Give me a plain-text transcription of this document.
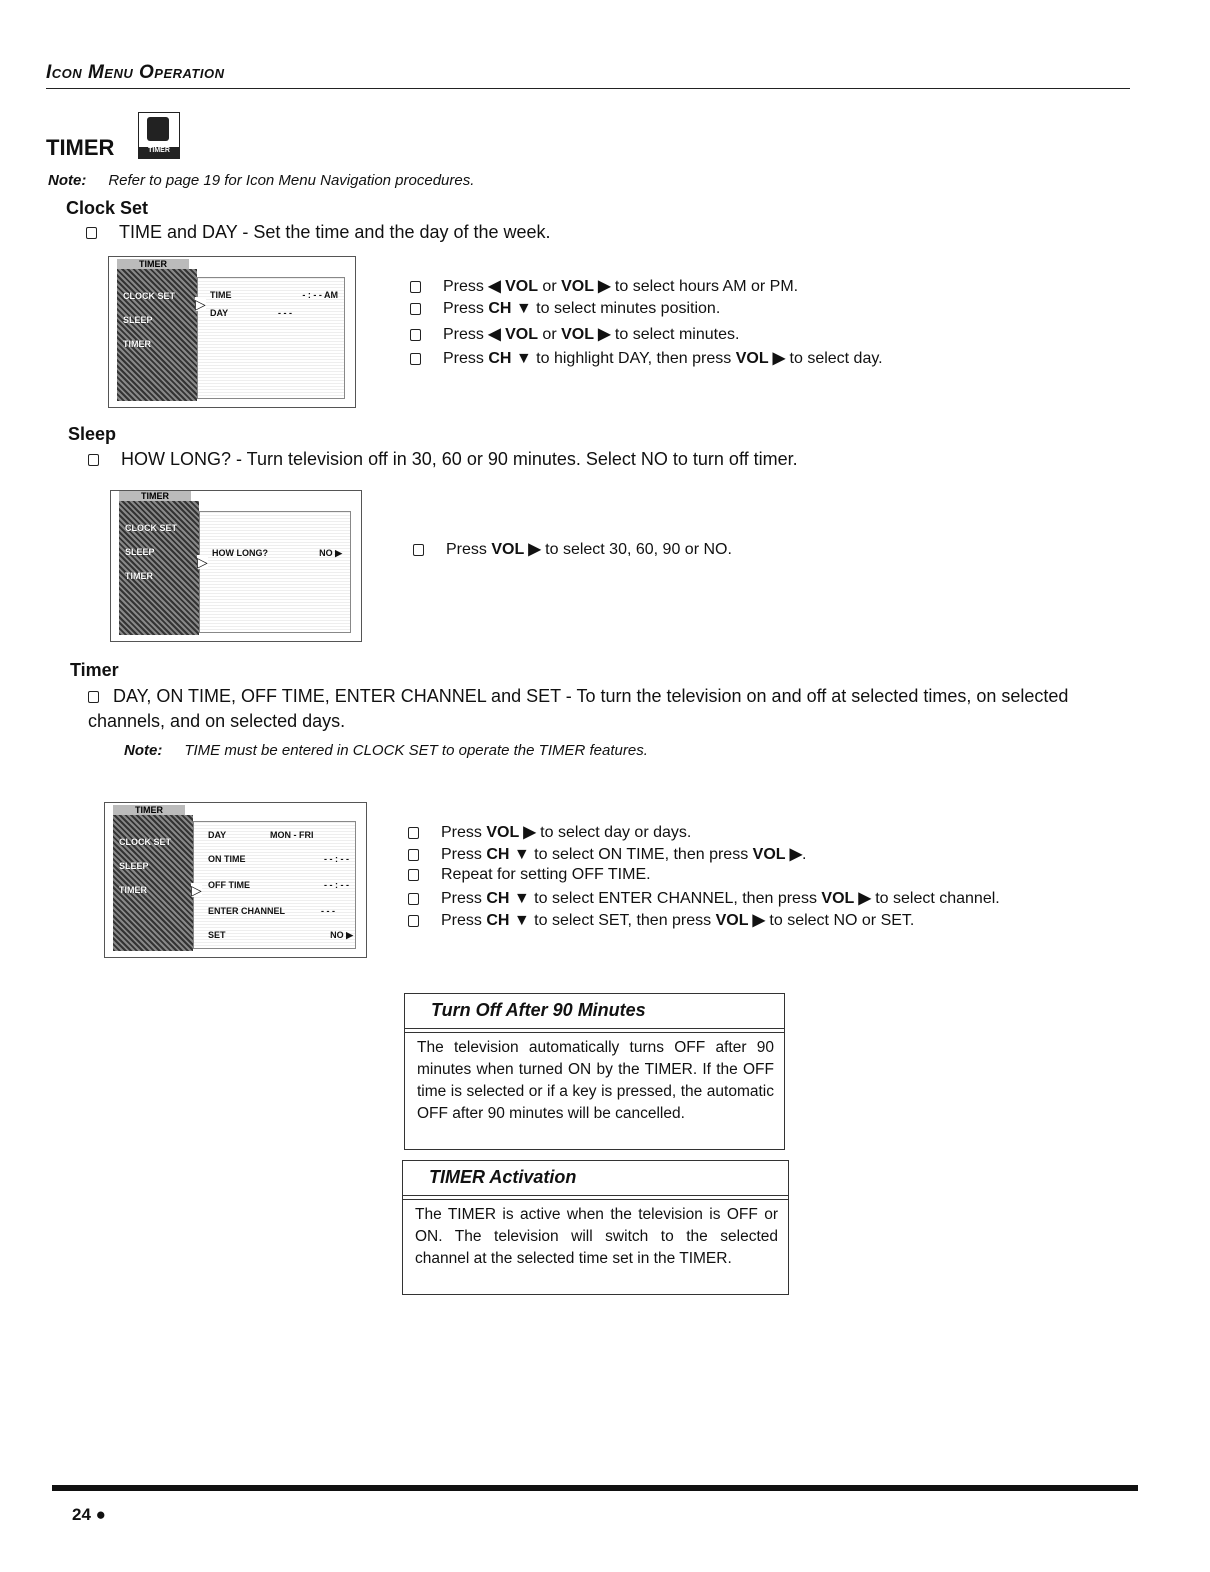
Icon Menu Operation
TIMER	TIMER
Note: Refer to page 19 for Icon Menu Navigation procedures.
Clock Set
TIME and DAY - Set the time and the day of the week.
TIMER
CLOCK SET
SLEEP
TIMER
TIME	- : - - AM
DAY	- - -
▷
Press ◀ VOL or VOL ▶ to select hours AM or PM.
Press CH ▼ to select minutes position.
Press ◀ VOL or VOL ▶ to select minutes.
Press CH ▼ to highlight DAY, then press VOL ▶ to select day.
Sleep
HOW LONG? - Turn television off in 30, 60 or 90 minutes. Select NO to turn off timer.
TIMER
CLOCK SET
SLEEP
TIMER
HOW LONG?	NO ▶
▷
Press VOL ▶ to select 30, 60, 90 or NO.
Timer
DAY, ON TIME, OFF TIME, ENTER CHANNEL and SET - To turn the television on and off at selected times, on selected channels, and on selected days.
Note: TIME must be entered in CLOCK SET to operate the TIMER features.
TIMER
CLOCK SET
SLEEP
TIMER
DAY	MON - FRI
ON TIME	- - : - -
OFF TIME	- - : - -
ENTER CHANNEL	- - -
SET	NO ▶
▷
Press VOL ▶ to select day or days.
Press CH ▼ to select ON TIME, then press VOL ▶.
Repeat for setting OFF TIME.
Press CH ▼ to select ENTER CHANNEL, then press VOL ▶ to select channel.
Press CH ▼ to select SET, then press VOL ▶ to select NO or SET.
Turn Off After 90 Minutes
The television automatically turns OFF after 90 minutes when turned ON by the TIMER. If the OFF time is selected or if a key is pressed, the automatic OFF after 90 minutes will be cancelled.
TIMER Activation
The TIMER is active when the television is OFF or ON. The television will switch to the selected channel at the selected time set in the TIMER.
24 ●
